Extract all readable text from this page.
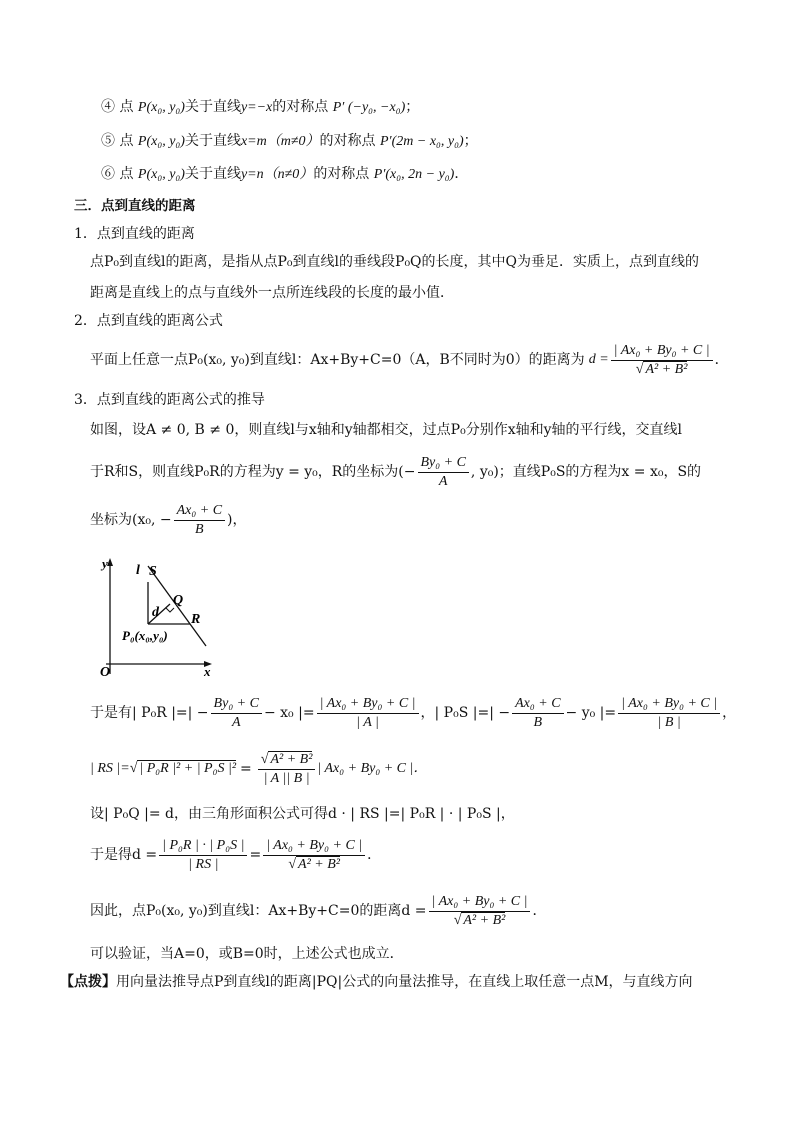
④ 点 P(x₀, y₀)关于直线y=−x的对称点 P′ (−y₀, −x₀)；
⑤ 点 P(x₀, y₀)关于直线x=m（m≠0）的对称点 P′(2m − x₀, y₀)；
⑥ 点 P(x₀, y₀)关于直线y=n（n≠0）的对称点 P′(x₀, 2n − y₀)．
三．点到直线的距离
1．点到直线的距离
点P₀到直线l的距离，是指从点P₀到直线l的垂线段P₀Q的长度，其中Q为垂足．实质上，点到直线的
距离是直线上的点与直线外一点所连线段的长度的最小值．
2．点到直线的距离公式
平面上任意一点P₀(x₀, y₀)到直线l：Ax+By+C=0（A，B不同时为0）的距离为 $d = \frac{\text{| Ax₀ + By₀ + C |}}{\text{√ A² + B²}}$ ．
3．点到直线的距离公式的推导
如图，设A ≠ 0, B ≠ 0，则直线l与x轴和y轴都相交，过点P₀分别作x轴和y轴的平行线，交直线l
于R和S，则直线P₀R的方程为y = y₀，R的坐标为(− $\frac{\text{By₀ + C}}{A}$ , y₀)；直线P₀S的方程为x = x₀，S的
坐标为(x₀, − $\frac{\text{Ax₀ + C}}{B}$ )，
y
x
O
l S
Q
R
d
P₀(x₀,y₀)
于是有| P₀R |=| − $\frac{\text{By₀ + C}}{A} - x_0$ |= $\frac{\text{| Ax₀ + By₀ + C |}}{| A |}$ ，| P₀S |=| − $\frac{\text{Ax₀ + C}}{B} - y_0$ |= $\frac{\text{| Ax₀ + By₀ + C |}}{| B |}$ ，
| RS |= √ | P₀R |² + | P₀S $|^2 = \frac{\text{√ A² + B²}}{| A || B |}$ | Ax₀ + By₀ + C |．
设| P₀Q |= d，由三角形面积公式可得d · | RS |=| P₀R | · | P₀S |，
于是得$d = \frac{\text{| P₀R | · | P₀S |}}{| RS |} = \frac{\text{| Ax₀ + By₀ + C |}}{\text{√ A² + B²}}$ ．
因此，点P₀(x₀, y₀)到直线l：Ax+By+C=0的距离$d = \frac{\text{| Ax₀ + By₀ + C |}}{\text{√ A² + B²}}$ ．
可以验证，当A=0，或B=0时，上述公式也成立．
【点拨】用向量法推导点P到直线l的距离|PQ|公式的向量法推导，在直线上取任意一点M，与直线方向
